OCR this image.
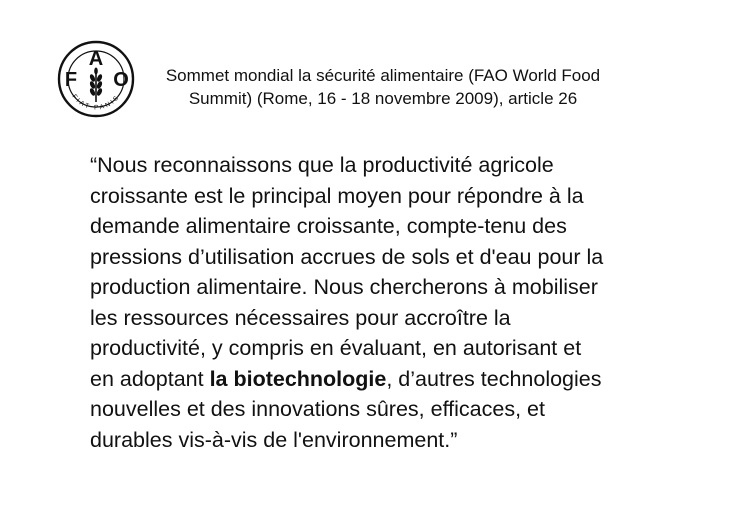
F
A
O
FIAT PANIS
Sommet mondial la sécurité alimentaire (FAO World Food
Summit) (Rome, 16 - 18 novembre 2009), article 26
“Nous reconnaissons que la productivité agricole
croissante est le principal moyen pour répondre à la
demande alimentaire croissante, compte-tenu des
pressions d’utilisation accrues de sols et d'eau pour la
production alimentaire. Nous chercherons à mobiliser
les ressources nécessaires pour accroître la
productivité, y compris en évaluant, en autorisant et
en adoptant la biotechnologie, d’autres technologies
nouvelles et des innovations sûres, efficaces, et
durables vis-à-vis de l'environnement.”
